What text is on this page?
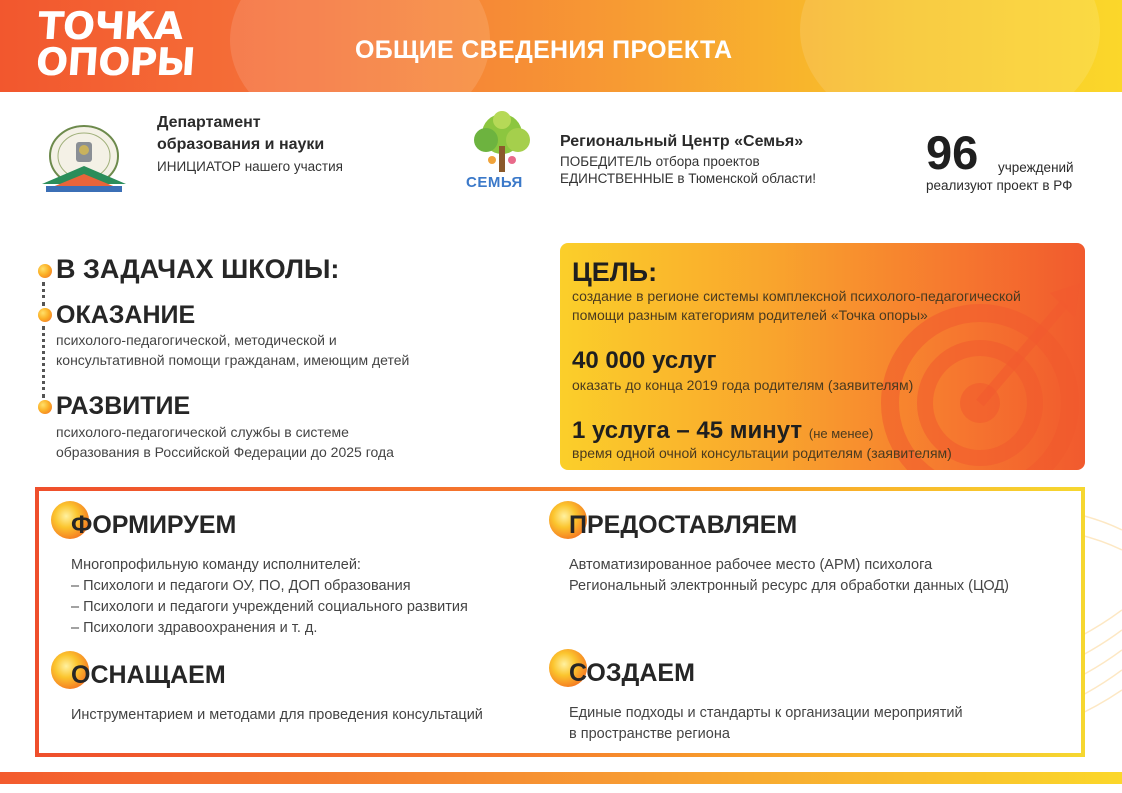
ТОЧКА
ОПОРЫ	ОБЩИЕ СВЕДЕНИЯ ПРОЕКТА
Департамент
образования и науки
ИНИЦИАТОР нашего участия
СЕМЬЯ
Региональный Центр «Семья»
ПОБЕДИТЕЛЬ отбора проектов
ЕДИНСТВЕННЫЕ в Тюменской области! 96	учреждений
реализуют проект в РФ
В ЗАДАЧАХ ШКОЛЫ:
ОКАЗАНИЕ
психолого-педагогической, методической и
консультативной помощи гражданам, имеющим детей
РАЗВИТИЕ
психолого-педагогической службы в системе
образования в Российской Федерации до 2025 года
ЦЕЛЬ:
создание в регионе системы комплексной психолого-педагогической
помощи разным категориям родителей «Точка опоры»
40 000 услуг
оказать до конца 2019 года родителям (заявителям)
1 услуга – 45 минут (не менее)
время одной очной консультации родителям (заявителям)
ФОРМИРУЕМ
Многопрофильную команду исполнителей:
– Психологи и педагоги ОУ, ПО, ДОП образования
– Психологи и педагоги учреждений социального развития
– Психологи здравоохранения и т. д.
ПРЕДОСТАВЛЯЕМ
Автоматизированное рабочее место (АРМ) психолога
Региональный электронный ресурс для обработки данных (ЦОД)
ОСНАЩАЕМ
Инструментарием и методами для проведения консультаций
СОЗДАЕМ
Единые подходы и стандарты к организации мероприятий
в пространстве региона
